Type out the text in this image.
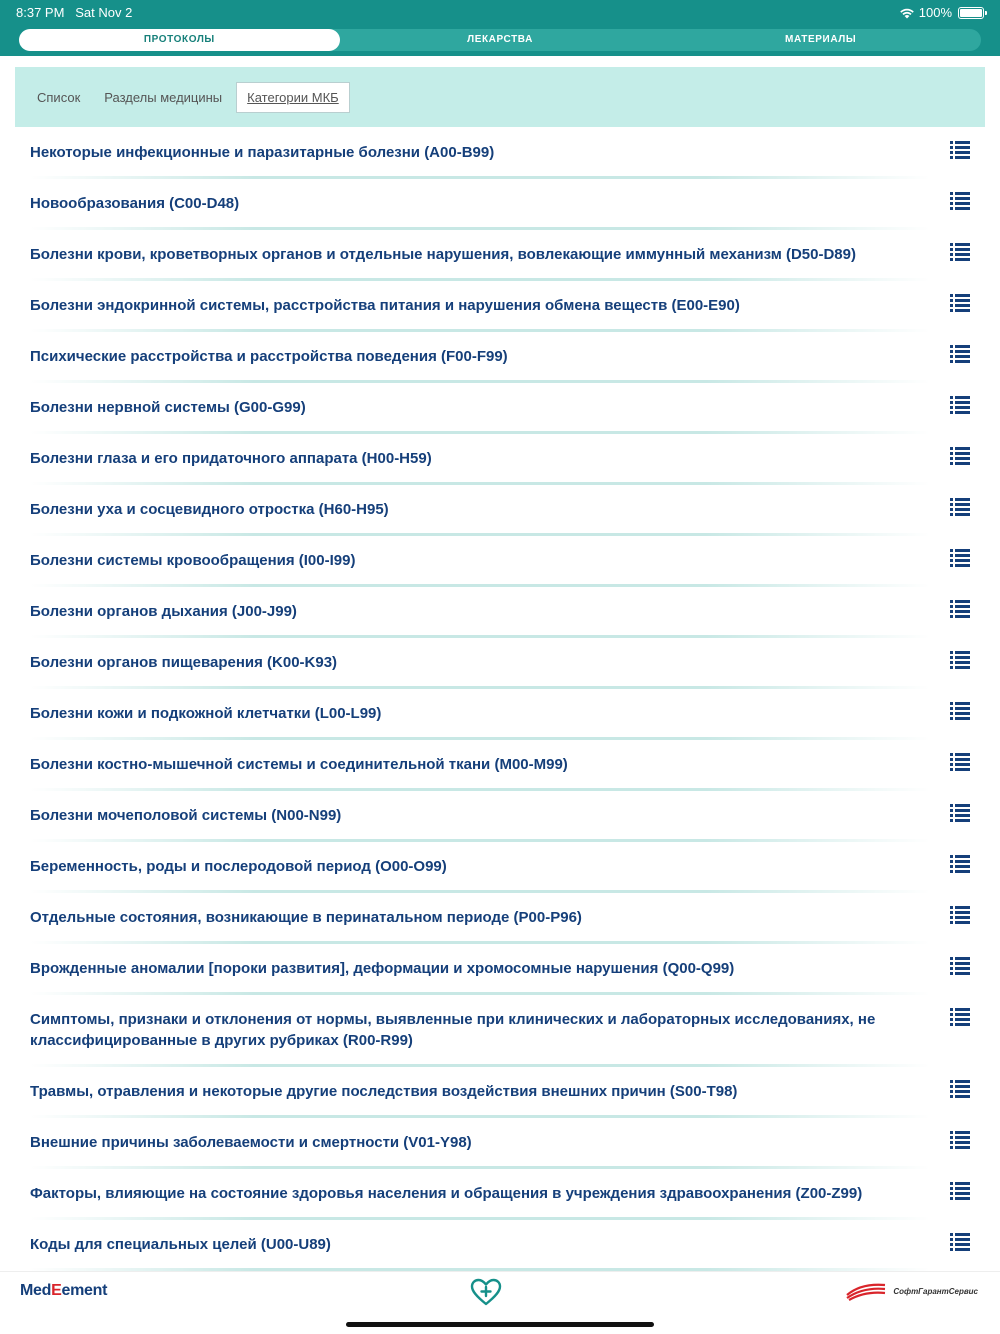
8:37 PM Sat Nov 2	100%
ПРОТОКОЛЫ	ЛЕКАРСТВА	МАТЕРИАЛЫ
Список	Разделы медицины	Категории МКБ
Некоторые инфекционные и паразитарные болезни (A00-B99)
Новообразования (C00-D48)
Болезни крови, кроветворных органов и отдельные нарушения, вовлекающие иммунный механизм (D50-D89)
Болезни эндокринной системы, расстройства питания и нарушения обмена веществ (E00-E90)
Психические расстройства и расстройства поведения (F00-F99)
Болезни нервной системы (G00-G99)
Болезни глаза и его придаточного аппарата (H00-H59)
Болезни уха и сосцевидного отростка (H60-H95)
Болезни системы кровообращения (I00-I99)
Болезни органов дыхания (J00-J99)
Болезни органов пищеварения (K00-K93)
Болезни кожи и подкожной клетчатки (L00-L99)
Болезни костно-мышечной системы и соединительной ткани (M00-M99)
Болезни мочеполовой системы (N00-N99)
Беременность, роды и послеродовой период (O00-O99)
Отдельные состояния, возникающие в перинатальном периоде (P00-P96)
Врожденные аномалии [пороки развития], деформации и хромосомные нарушения (Q00-Q99)
Симптомы, признаки и отклонения от нормы, выявленные при клинических и лабораторных исследованиях, не классифицированные в других рубриках (R00-R99)
Травмы, отравления и некоторые другие последствия воздействия внешних причин (S00-T98)
Внешние причины заболеваемости и смертности (V01-Y98)
Факторы, влияющие на состояние здоровья населения и обращения в учреждения здравоохранения (Z00-Z99)
Коды для специальных целей (U00-U89)
MedEement	СофтГарантСервис
